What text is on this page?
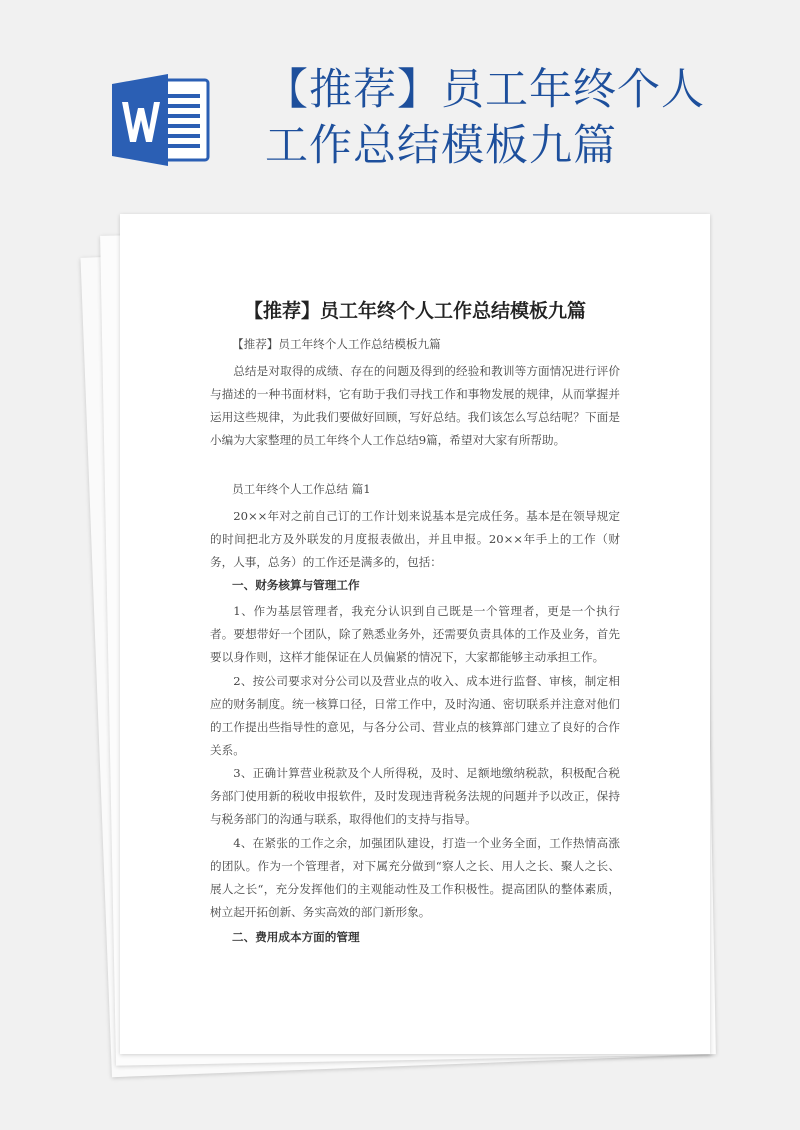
【推荐】员工年终个人
工作总结模板九篇
【推荐】员工年终个人工作总结模板九篇

【推荐】员工年终个人工作总结模板九篇

总结是对取得的成绩、存在的问题及得到的经验和教训等方面情况进行评价与描述的一种书面材料，它有助于我们寻找工作和事物发展的规律，从而掌握并运用这些规律，为此我们要做好回顾，写好总结。我们该怎么写总结呢？下面是小编为大家整理的员工年终个人工作总结9篇，希望对大家有所帮助。

员工年终个人工作总结 篇1

20××年对之前自己订的工作计划来说基本是完成任务。基本是在领导规定的时间把北方及外联发的月度报表做出，并且申报。20××年手上的工作（财务，人事，总务）的工作还是满多的，包括：

一、财务核算与管理工作

1、作为基层管理者，我充分认识到自己既是一个管理者，更是一个执行者。要想带好一个团队，除了熟悉业务外，还需要负责具体的工作及业务，首先要以身作则，这样才能保证在人员偏紧的情况下，大家都能够主动承担工作。

2、按公司要求对分公司以及营业点的收入、成本进行监督、审核，制定相应的财务制度。统一核算口径，日常工作中，及时沟通、密切联系并注意对他们的工作提出些指导性的意见，与各分公司、营业点的核算部门建立了良好的合作关系。

3、正确计算营业税款及个人所得税，及时、足额地缴纳税款，积极配合税务部门使用新的税收申报软件，及时发现违背税务法规的问题并予以改正，保持与税务部门的沟通与联系，取得他们的支持与指导。

4、在紧张的工作之余，加强团队建设，打造一个业务全面，工作热情高涨的团队。作为一个管理者，对下属充分做到“察人之长、用人之长、聚人之长、展人之长“，充分发挥他们的主观能动性及工作积极性。提高团队的整体素质，树立起开拓创新、务实高效的部门新形象。

二、费用成本方面的管理
